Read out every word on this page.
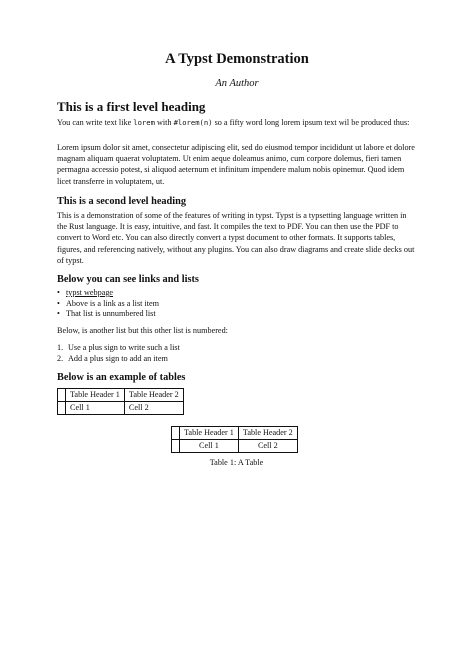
A Typst Demonstration
An Author
This is a first level heading

You can write text like lorem with #lorem(n) so a fifty word long lorem ipsum text wil be produced thus:

Lorem ipsum dolor sit amet, consectetur adipiscing elit, sed do eiusmod tempor incididunt ut labore et dolore magnam aliquam quaerat voluptatem. Ut enim aeque doleamus animo, cum corpore dolemus, fieri tamen permagna accessio potest, si aliquod aeternum et infinitum impendere malum nobis opinemur. Quod idem licet transferre in voluptatem, ut.

This is a second level heading

This is a demonstration of some of the features of writing in typst. Typst is a typsetting language written in the Rust language. It is easy, intuitive, and fast. It compiles the text to PDF. You can then use the PDF to convert to Word etc. You can also directly convert a typst document to other formats. It supports tables, figures, and referencing natively, without any plugins. You can also draw diagrams and create slide decks out of typst.

Below you can see links and lists
• typst webpage
• Above is a link as a list item
• That list is unnumbered list

Below, is another list but this other list is numbered:

1. Use a plus sign to write such a list
2. Add a plus sign to add an item
Below is an example of tables
	Table Header 1	Table Header 2
	Cell 1	Cell 2
	Table Header 1	Table Header 2
	Cell 1	Cell 2
Table 1: A Table
